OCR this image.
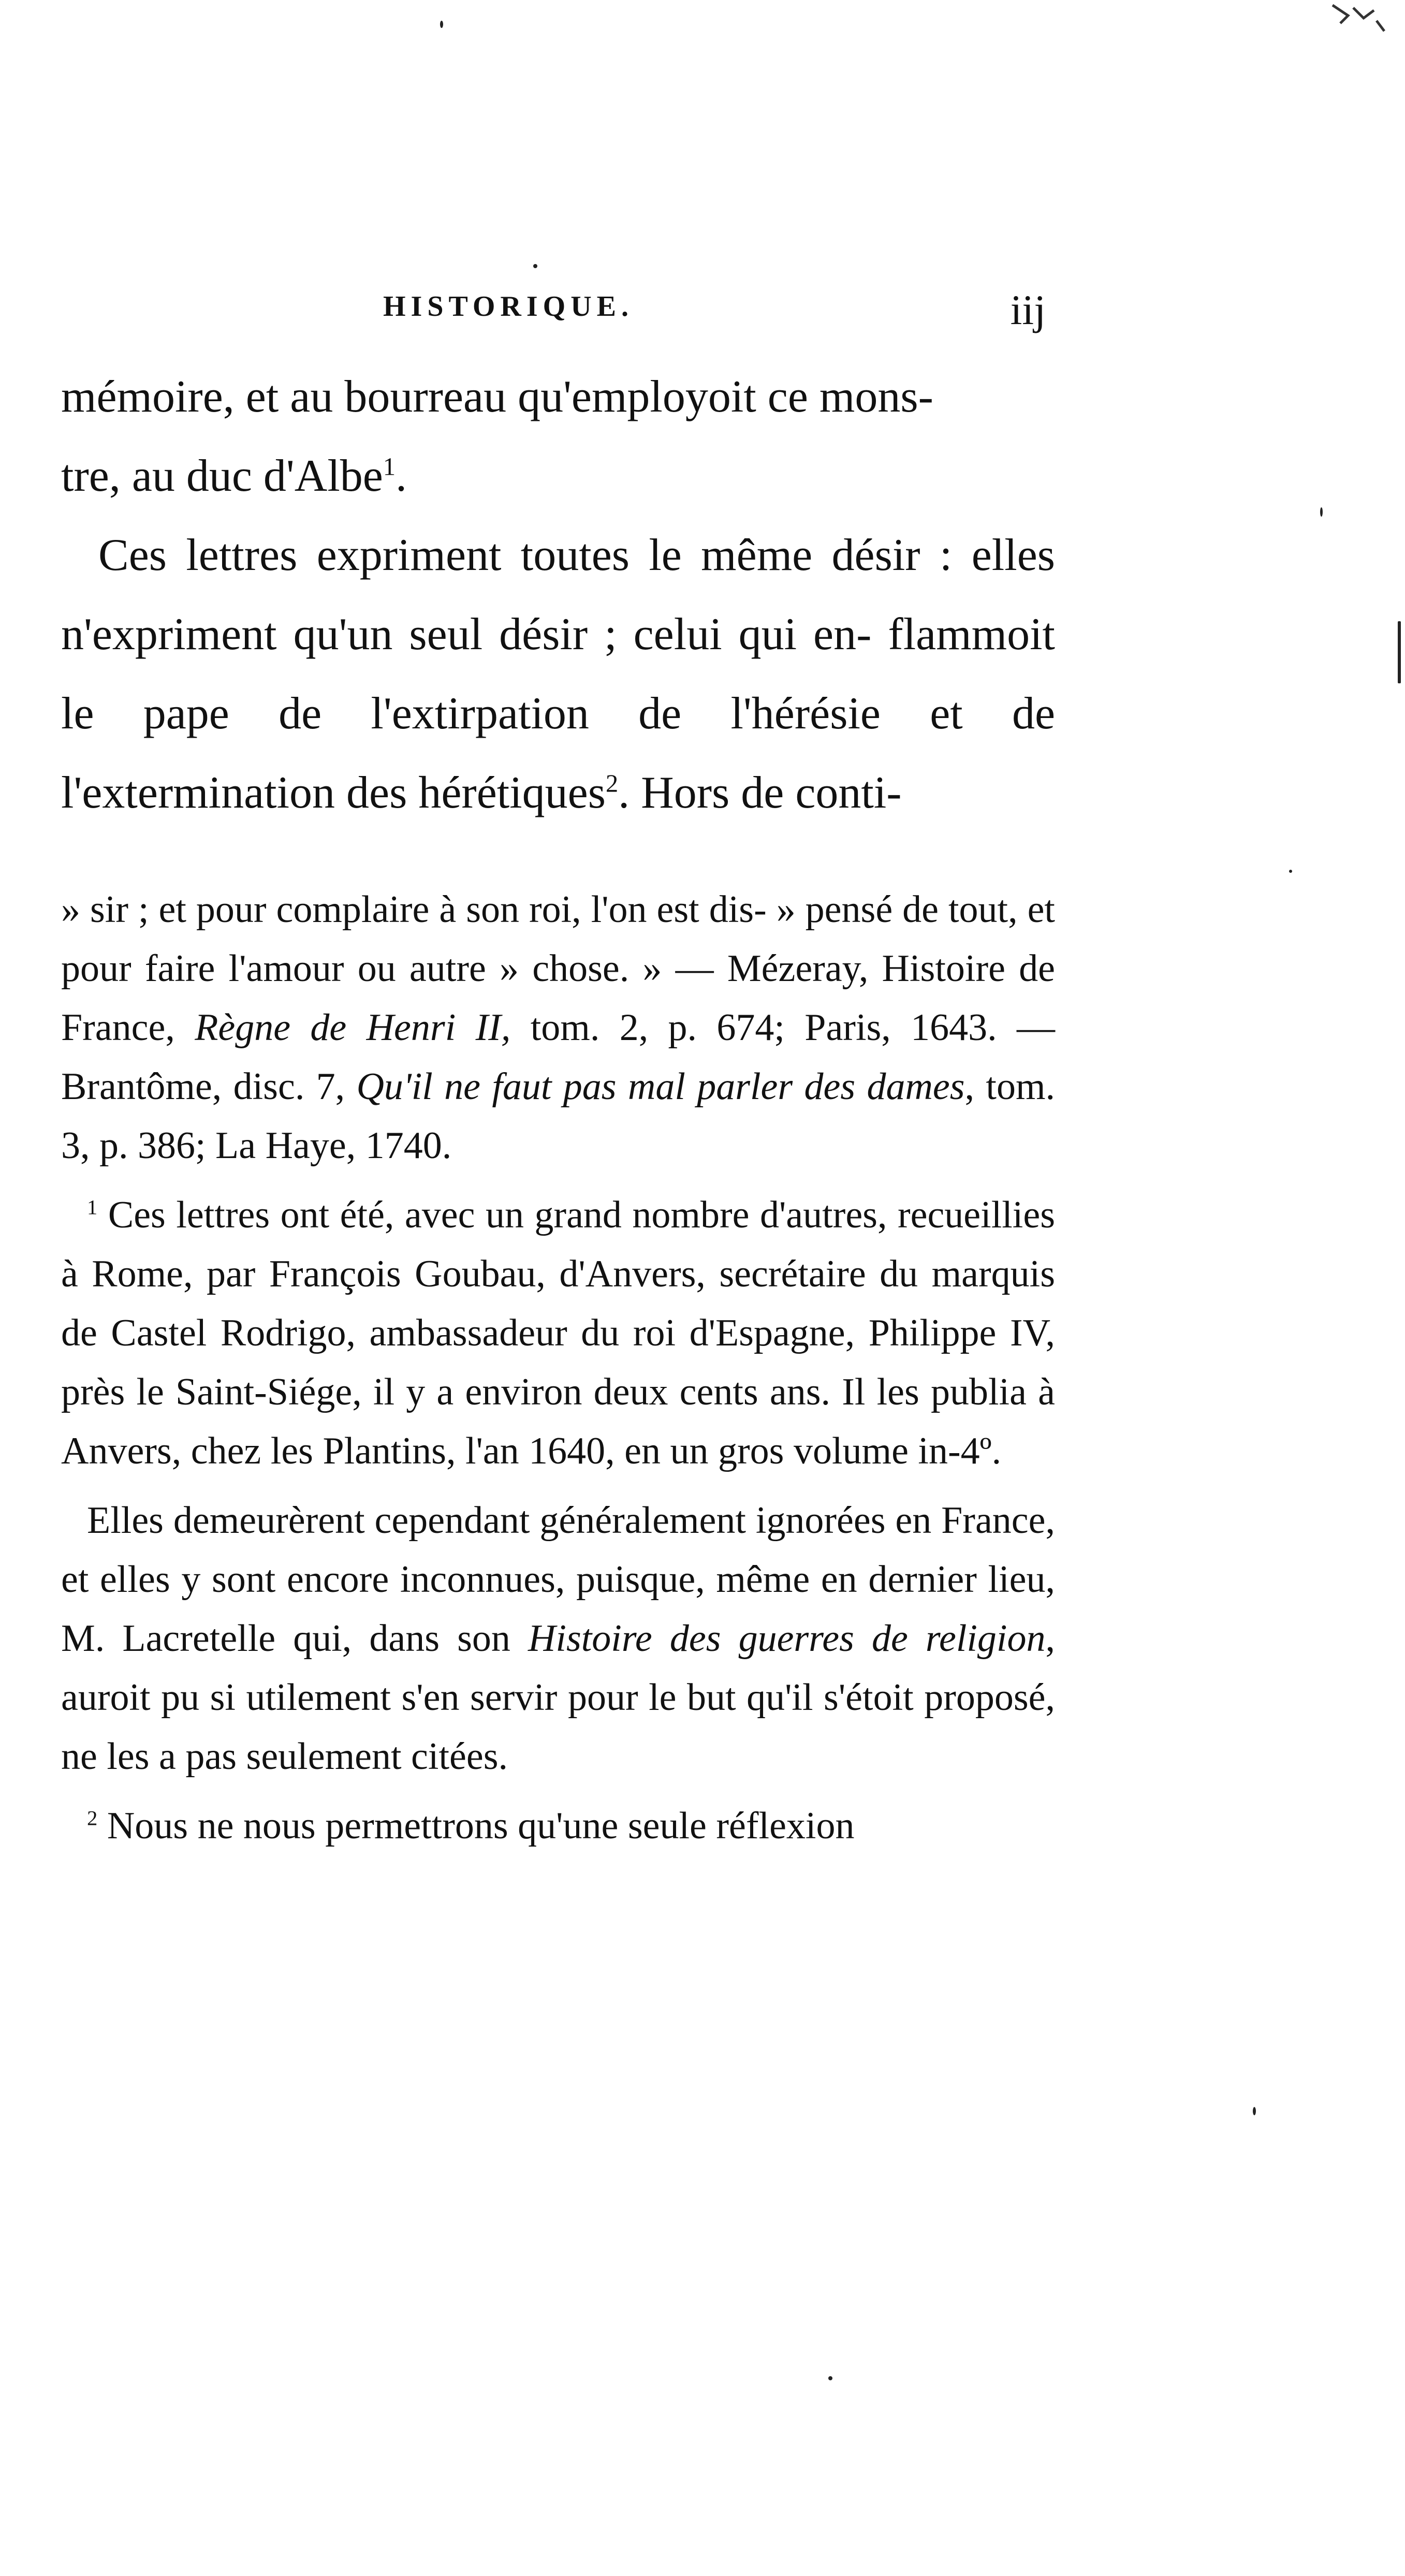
HISTORIQUE.	iij

mémoire, et au bourreau qu'employoit ce mons-
tre, au duc d'Albe$^1$.

Ces lettres expriment toutes le même désir : elles n'expriment qu'un seul désir ; celui qui en- flammoit le pape de l'extirpation de l'hérésie et de l'extermination des hérétiques$^2$. Hors de conti-

» sir ; et pour complaire à son roi, l'on est dis- » pensé de tout, et pour faire l'amour ou autre » chose. » — Mézeray, Histoire de France, Règne de Henri II, tom. 2, p. 674; Paris, 1643. — Brantôme, disc. 7, Qu'il ne faut pas mal parler des dames, tom. 3, p. 386; La Haye, 1740.

$^1$ Ces lettres ont été, avec un grand nombre d'autres, recueillies à Rome, par François Goubau, d'Anvers, secrétaire du marquis de Castel Rodrigo, ambassadeur du roi d'Espagne, Philippe IV, près le Saint-Siége, il y a environ deux cents ans. Il les publia à Anvers, chez les Plantins, l'an 1640, en un gros volume in-4º.

Elles demeurèrent cependant généralement ignorées en France, et elles y sont encore inconnues, puisque, même en dernier lieu, M. Lacretelle qui, dans son Histoire des guerres de religion, auroit pu si utilement s'en servir pour le but qu'il s'étoit proposé, ne les a pas seulement citées.

$^2$ Nous ne nous permettrons qu'une seule réflexion
